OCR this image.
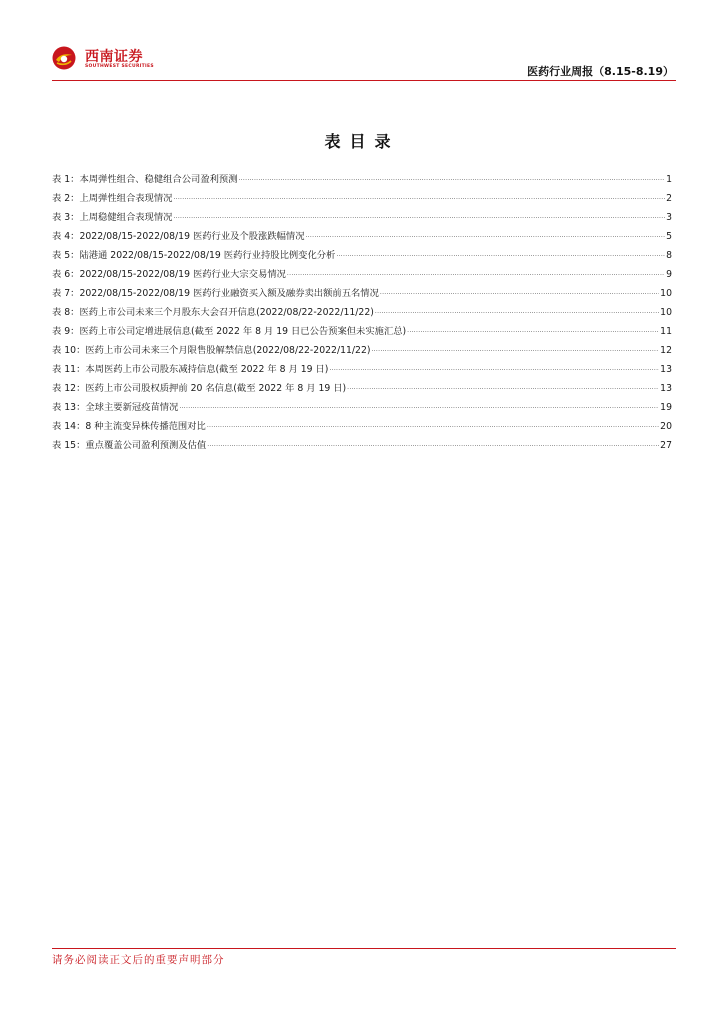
西南证券
SOUTHWEST SECURITIES	医药行业周报（8.15-8.19）
表目录
表 1：本周弹性组合、稳健组合公司盈利预测 .....	1
表 2：上周弹性组合表现情况 .....	2
表 3：上周稳健组合表现情况 .....	3
表 4：2022/08/15-2022/08/19 医药行业及个股涨跌幅情况 .....	5
表 5：陆港通 2022/08/15-2022/08/19 医药行业持股比例变化分析 .....	8
表 6：2022/08/15-2022/08/19 医药行业大宗交易情况 .....	9
表 7：2022/08/15-2022/08/19 医药行业融资买入额及融券卖出额前五名情况 .....	10
表 8：医药上市公司未来三个月股东大会召开信息(2022/08/22-2022/11/22) .....	10
表 9：医药上市公司定增进展信息(截至 2022 年 8 月 19 日已公告预案但未实施汇总) .....	11
表 10：医药上市公司未来三个月限售股解禁信息(2022/08/22-2022/11/22) .....	12
表 11：本周医药上市公司股东减持信息(截至 2022 年 8 月 19 日) .....	13
表 12：医药上市公司股权质押前 20 名信息(截至 2022 年 8 月 19 日) .....	13
表 13：全球主要新冠疫苗情况 .....	19
表 14：8 种主流变异株传播范围对比 .....	20
表 15：重点覆盖公司盈利预测及估值 .....	27
请务必阅读正文后的重要声明部分
